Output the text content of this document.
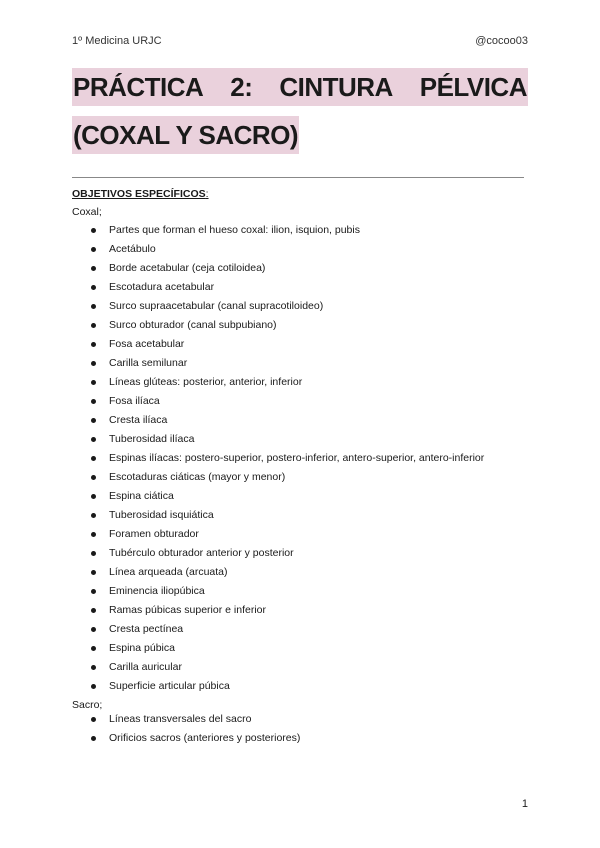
1º Medicina URJC	@cocoo03
PRÁCTICA 2: CINTURA PÉLVICA
(COXAL Y SACRO)
OBJETIVOS ESPECÍFICOS:
Coxal;
Partes que forman el hueso coxal: ilion, isquion, pubis
Acetábulo
Borde acetabular (ceja cotiloidea)
Escotadura acetabular
Surco supraacetabular (canal supracotiloideo)
Surco obturador (canal subpubiano)
Fosa acetabular
Carilla semilunar
Líneas glúteas: posterior, anterior, inferior
Fosa ilíaca
Cresta ilíaca
Tuberosidad ilíaca
Espinas ilíacas: postero-superior, postero-inferior, antero-superior, antero-inferior
Escotaduras ciáticas (mayor y menor)
Espina ciática
Tuberosidad isquiática
Foramen obturador
Tubérculo obturador anterior y posterior
Línea arqueada (arcuata)
Eminencia iliopúbica
Ramas púbicas superior e inferior
Cresta pectínea
Espina púbica
Carilla auricular
Superficie articular púbica
Sacro;
Líneas transversales del sacro
Orificios sacros (anteriores y posteriores)
1
